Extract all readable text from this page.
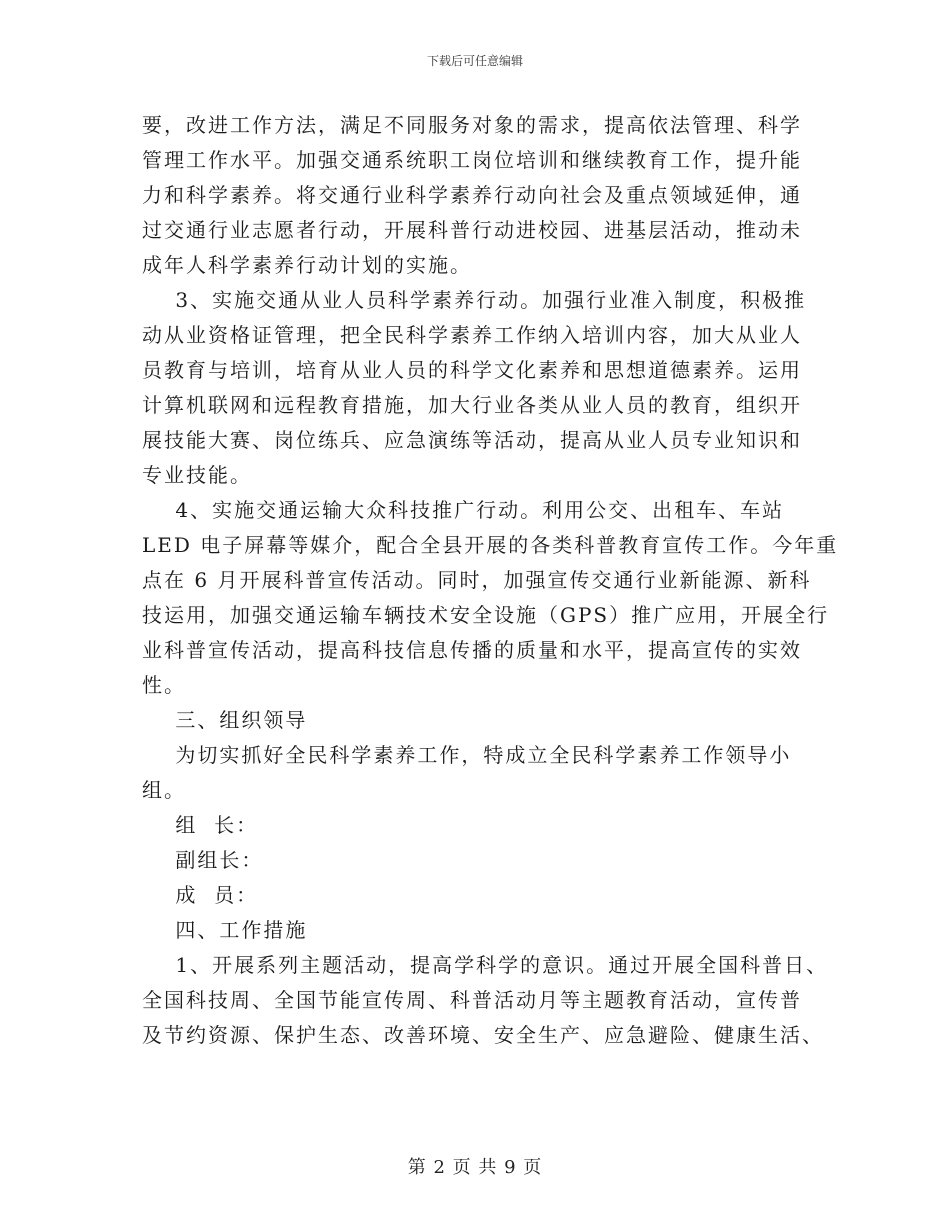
下载后可任意编辑
要，改进工作方法，满足不同服务对象的需求，提高依法管理、科学
管理工作水平。加强交通系统职工岗位培训和继续教育工作，提升能
力和科学素养。将交通行业科学素养行动向社会及重点领域延伸，通
过交通行业志愿者行动，开展科普行动进校园、进基层活动，推动未
成年人科学素养行动计划的实施。
3、实施交通从业人员科学素养行动。加强行业准入制度，积极推
动从业资格证管理，把全民科学素养工作纳入培训内容，加大从业人
员教育与培训，培育从业人员的科学文化素养和思想道德素养。运用
计算机联网和远程教育措施，加大行业各类从业人员的教育，组织开
展技能大赛、岗位练兵、应急演练等活动，提高从业人员专业知识和
专业技能。
4、实施交通运输大众科技推广行动。利用公交、出租车、车站
LED 电子屏幕等媒介，配合全县开展的各类科普教育宣传工作。今年重
点在 6 月开展科普宣传活动。同时，加强宣传交通行业新能源、新科
技运用，加强交通运输车辆技术安全设施（GPS）推广应用，开展全行
业科普宣传活动，提高科技信息传播的质量和水平，提高宣传的实效
性。
三、组织领导
为切实抓好全民科学素养工作，特成立全民科学素养工作领导小
组。
组  长：
副组长：
成  员：
四、工作措施
1、开展系列主题活动，提高学科学的意识。通过开展全国科普日、
全国科技周、全国节能宣传周、科普活动月等主题教育活动，宣传普
及节约资源、保护生态、改善环境、安全生产、应急避险、健康生活、
第 2 页 共 9 页
